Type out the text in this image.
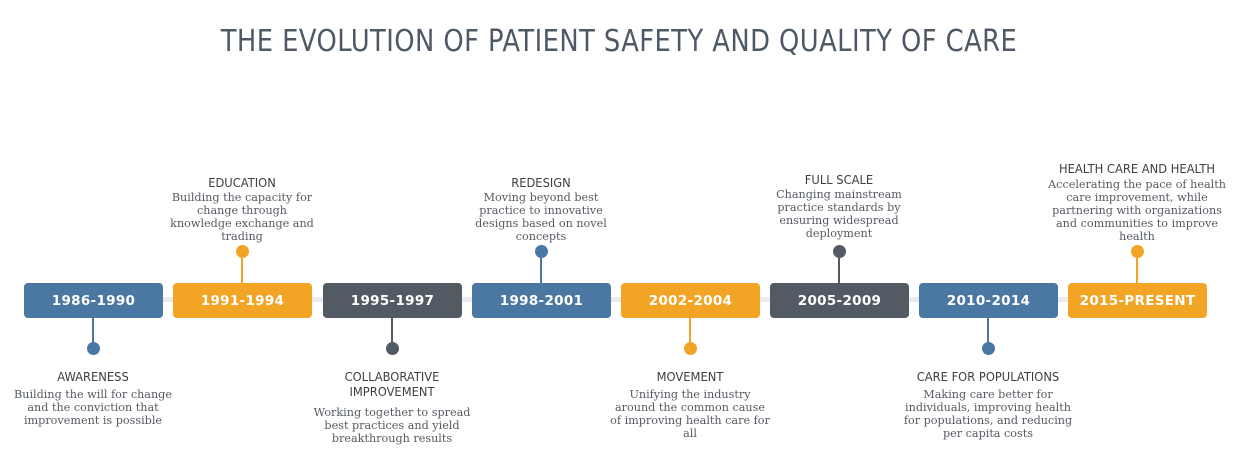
THE EVOLUTION OF PATIENT SAFETY AND QUALITY OF CARE
1986-1990
AWARENESS
Building the will for change and the conviction that improvement is possible
1991-1994
EDUCATION
Building the capacity for change through knowledge exchange and trading
1995-1997
COLLABORATIVE IMPROVEMENT
Working together to spread best practices and yield breakthrough results
1998-2001
REDESIGN
Moving beyond best practice to innovative designs based on novel concepts
2002-2004
MOVEMENT
Unifying the industry around the common cause of improving health care for all
2005-2009
FULL SCALE
Changing mainstream practice standards by ensuring widespread deployment
2010-2014
CARE FOR POPULATIONS
Making care better for individuals, improving health for populations, and reducing per capita costs
2015-PRESENT
HEALTH CARE AND HEALTH
Accelerating the pace of health care improvement, while partnering with organizations and communities to improve health
